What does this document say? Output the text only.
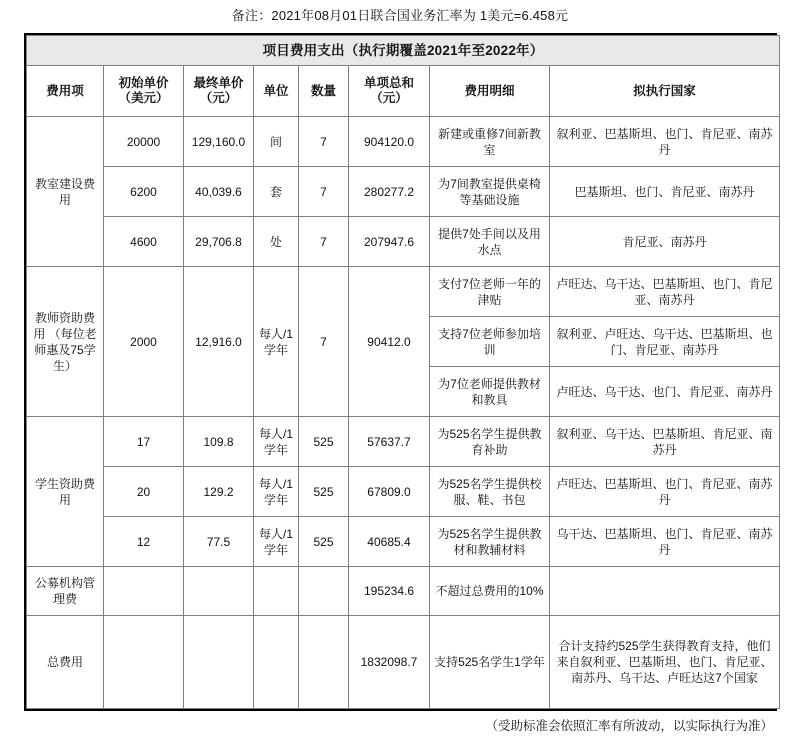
备注：2021年08月01日联合国业务汇率为 1美元=6.458元
项目费用支出（执行期覆盖2021年至2022年）							
费用项	初始单价（美元）	最终单价（元）	单位	数量	单项总和（元）	费用明细	拟执行国家
教室建设费用	20000	129,160.0	间	7	904120.0	新建或重修7间新教室	叙利亚、巴基斯坦、也门、肯尼亚、南苏丹
	6200	40,039.6	套	7	280277.2	为7间教室提供桌椅等基础设施	巴基斯坦、也门、肯尼亚、南苏丹
	4600	29,706.8	处	7	207947.6	提供7处手间以及用水点	肯尼亚、南苏丹
教师资助费用 （每位老师惠及75学生）	2000	12,916.0	每人/1学年	7	90412.0	支付7位老师一年的津贴	卢旺达、乌干达、巴基斯坦、也门、肯尼亚、南苏丹
						支持7位老师参加培训	叙利亚、卢旺达、乌干达、巴基斯坦、也门、肯尼亚、南苏丹
						为7位老师提供教材和教具	卢旺达、乌干达、也门、肯尼亚、南苏丹
学生资助费用	17	109.8	每人/1学年	525	57637.7	为525名学生提供教育补助	叙利亚、乌干达、巴基斯坦、肯尼亚、南苏丹
	20	129.2	每人/1学年	525	67809.0	为525名学生提供校服、鞋、书包	卢旺达、巴基斯坦、也门、肯尼亚、南苏丹
	12	77.5	每人/1学年	525	40685.4	为525名学生提供教材和教辅材料	乌干达、巴基斯坦、也门、肯尼亚、南苏丹
公募机构管理费					195234.6	不超过总费用的10%	
总费用					1832098.7	支持525名学生1学年	合计支持约525学生获得教育支持，他们来自叙利亚、巴基斯坦、也门、肯尼亚、南苏丹、乌干达、卢旺达这7个国家
（受助标准会依照汇率有所波动，以实际执行为准）
